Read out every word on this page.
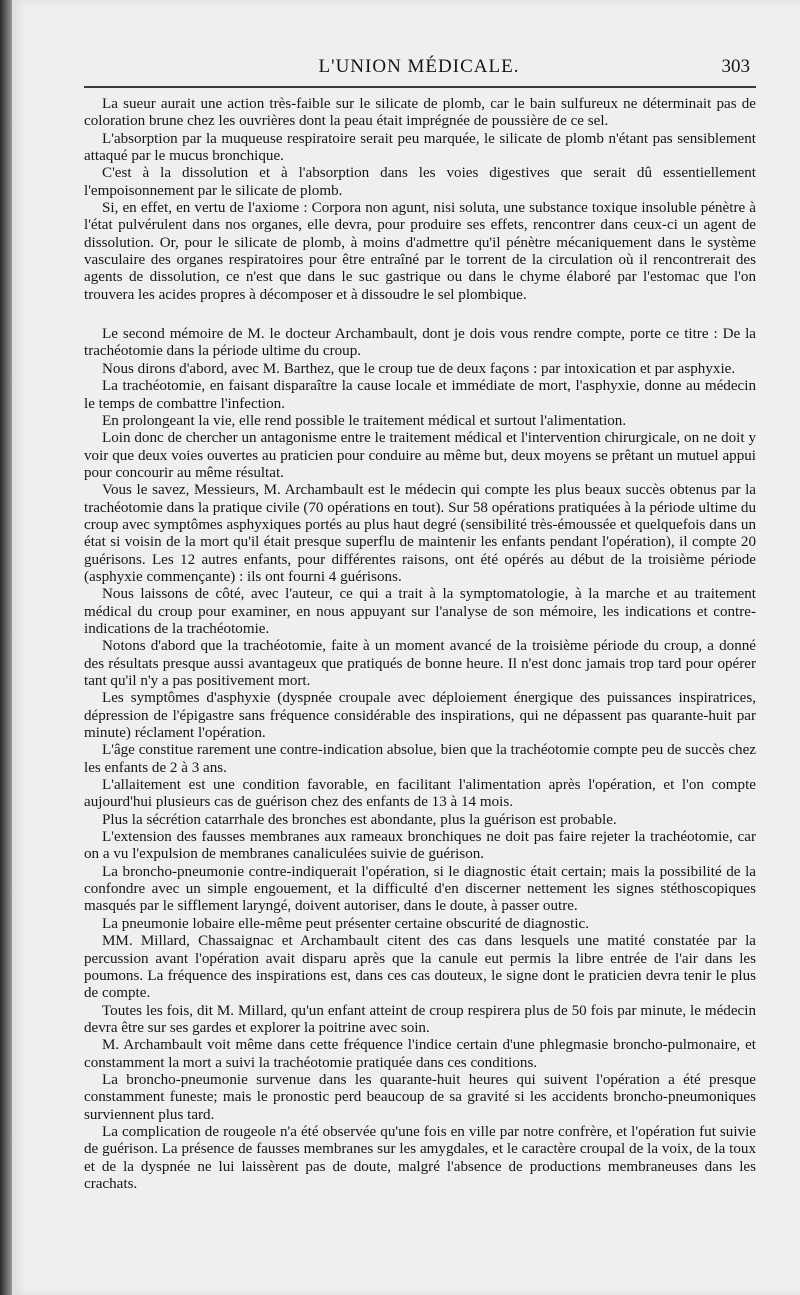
L'UNION MÉDICALE.	303

La sueur aurait une action très-faible sur le silicate de plomb, car le bain sulfureux ne déterminait pas de coloration brune chez les ouvrières dont la peau était imprégnée de poussière de ce sel.

L'absorption par la muqueuse respiratoire serait peu marquée, le silicate de plomb n'étant pas sensiblement attaqué par le mucus bronchique.

C'est à la dissolution et à l'absorption dans les voies digestives que serait dû essentiellement l'empoisonnement par le silicate de plomb.

Si, en effet, en vertu de l'axiome : Corpora non agunt, nisi soluta, une substance toxique insoluble pénètre à l'état pulvérulent dans nos organes, elle devra, pour produire ses effets, rencontrer dans ceux-ci un agent de dissolution. Or, pour le silicate de plomb, à moins d'admettre qu'il pénètre mécaniquement dans le système vasculaire des organes respiratoires pour être entraîné par le torrent de la circulation où il rencontrerait des agents de dissolution, ce n'est que dans le suc gastrique ou dans le chyme élaboré par l'estomac que l'on trouvera les acides propres à décomposer et à dissoudre le sel plombique.

Le second mémoire de M. le docteur Archambault, dont je dois vous rendre compte, porte ce titre : De la trachéotomie dans la période ultime du croup.

Nous dirons d'abord, avec M. Barthez, que le croup tue de deux façons : par intoxication et par asphyxie.

La trachéotomie, en faisant disparaître la cause locale et immédiate de mort, l'asphyxie, donne au médecin le temps de combattre l'infection.

En prolongeant la vie, elle rend possible le traitement médical et surtout l'alimentation.

Loin donc de chercher un antagonisme entre le traitement médical et l'intervention chirurgicale, on ne doit y voir que deux voies ouvertes au praticien pour conduire au même but, deux moyens se prêtant un mutuel appui pour concourir au même résultat.

Vous le savez, Messieurs, M. Archambault est le médecin qui compte les plus beaux succès obtenus par la trachéotomie dans la pratique civile (70 opérations en tout). Sur 58 opérations pratiquées à la période ultime du croup avec symptômes asphyxiques portés au plus haut degré (sensibilité très-émoussée et quelquefois dans un état si voisin de la mort qu'il était presque superflu de maintenir les enfants pendant l'opération), il compte 20 guérisons. Les 12 autres enfants, pour différentes raisons, ont été opérés au début de la troisième période (asphyxie commençante) : ils ont fourni 4 guérisons.

Nous laissons de côté, avec l'auteur, ce qui a trait à la symptomatologie, à la marche et au traitement médical du croup pour examiner, en nous appuyant sur l'analyse de son mémoire, les indications et contre-indications de la trachéotomie.

Notons d'abord que la trachéotomie, faite à un moment avancé de la troisième période du croup, a donné des résultats presque aussi avantageux que pratiqués de bonne heure. Il n'est donc jamais trop tard pour opérer tant qu'il n'y a pas positivement mort.

Les symptômes d'asphyxie (dyspnée croupale avec déploiement énergique des puissances inspiratrices, dépression de l'épigastre sans fréquence considérable des inspirations, qui ne dépassent pas quarante-huit par minute) réclament l'opération.

L'âge constitue rarement une contre-indication absolue, bien que la trachéotomie compte peu de succès chez les enfants de 2 à 3 ans.

L'allaitement est une condition favorable, en facilitant l'alimentation après l'opération, et l'on compte aujourd'hui plusieurs cas de guérison chez des enfants de 13 à 14 mois.

Plus la sécrétion catarrhale des bronches est abondante, plus la guérison est probable.

L'extension des fausses membranes aux rameaux bronchiques ne doit pas faire rejeter la trachéotomie, car on a vu l'expulsion de membranes canaliculées suivie de guérison.

La broncho-pneumonie contre-indiquerait l'opération, si le diagnostic était certain; mais la possibilité de la confondre avec un simple engouement, et la difficulté d'en discerner nettement les signes stéthoscopiques masqués par le sifflement laryngé, doivent autoriser, dans le doute, à passer outre.

La pneumonie lobaire elle-même peut présenter certaine obscurité de diagnostic.

MM. Millard, Chassaignac et Archambault citent des cas dans lesquels une matité constatée par la percussion avant l'opération avait disparu après que la canule eut permis la libre entrée de l'air dans les poumons. La fréquence des inspirations est, dans ces cas douteux, le signe dont le praticien devra tenir le plus de compte.

Toutes les fois, dit M. Millard, qu'un enfant atteint de croup respirera plus de 50 fois par minute, le médecin devra être sur ses gardes et explorer la poitrine avec soin.

M. Archambault voit même dans cette fréquence l'indice certain d'une phlegmasie broncho-pulmonaire, et constamment la mort a suivi la trachéotomie pratiquée dans ces conditions.

La broncho-pneumonie survenue dans les quarante-huit heures qui suivent l'opération a été presque constamment funeste; mais le pronostic perd beaucoup de sa gravité si les accidents broncho-pneumoniques surviennent plus tard.

La complication de rougeole n'a été observée qu'une fois en ville par notre confrère, et l'opération fut suivie de guérison. La présence de fausses membranes sur les amygdales, et le caractère croupal de la voix, de la toux et de la dyspnée ne lui laissèrent pas de doute, malgré l'absence de productions membraneuses dans les crachats.
